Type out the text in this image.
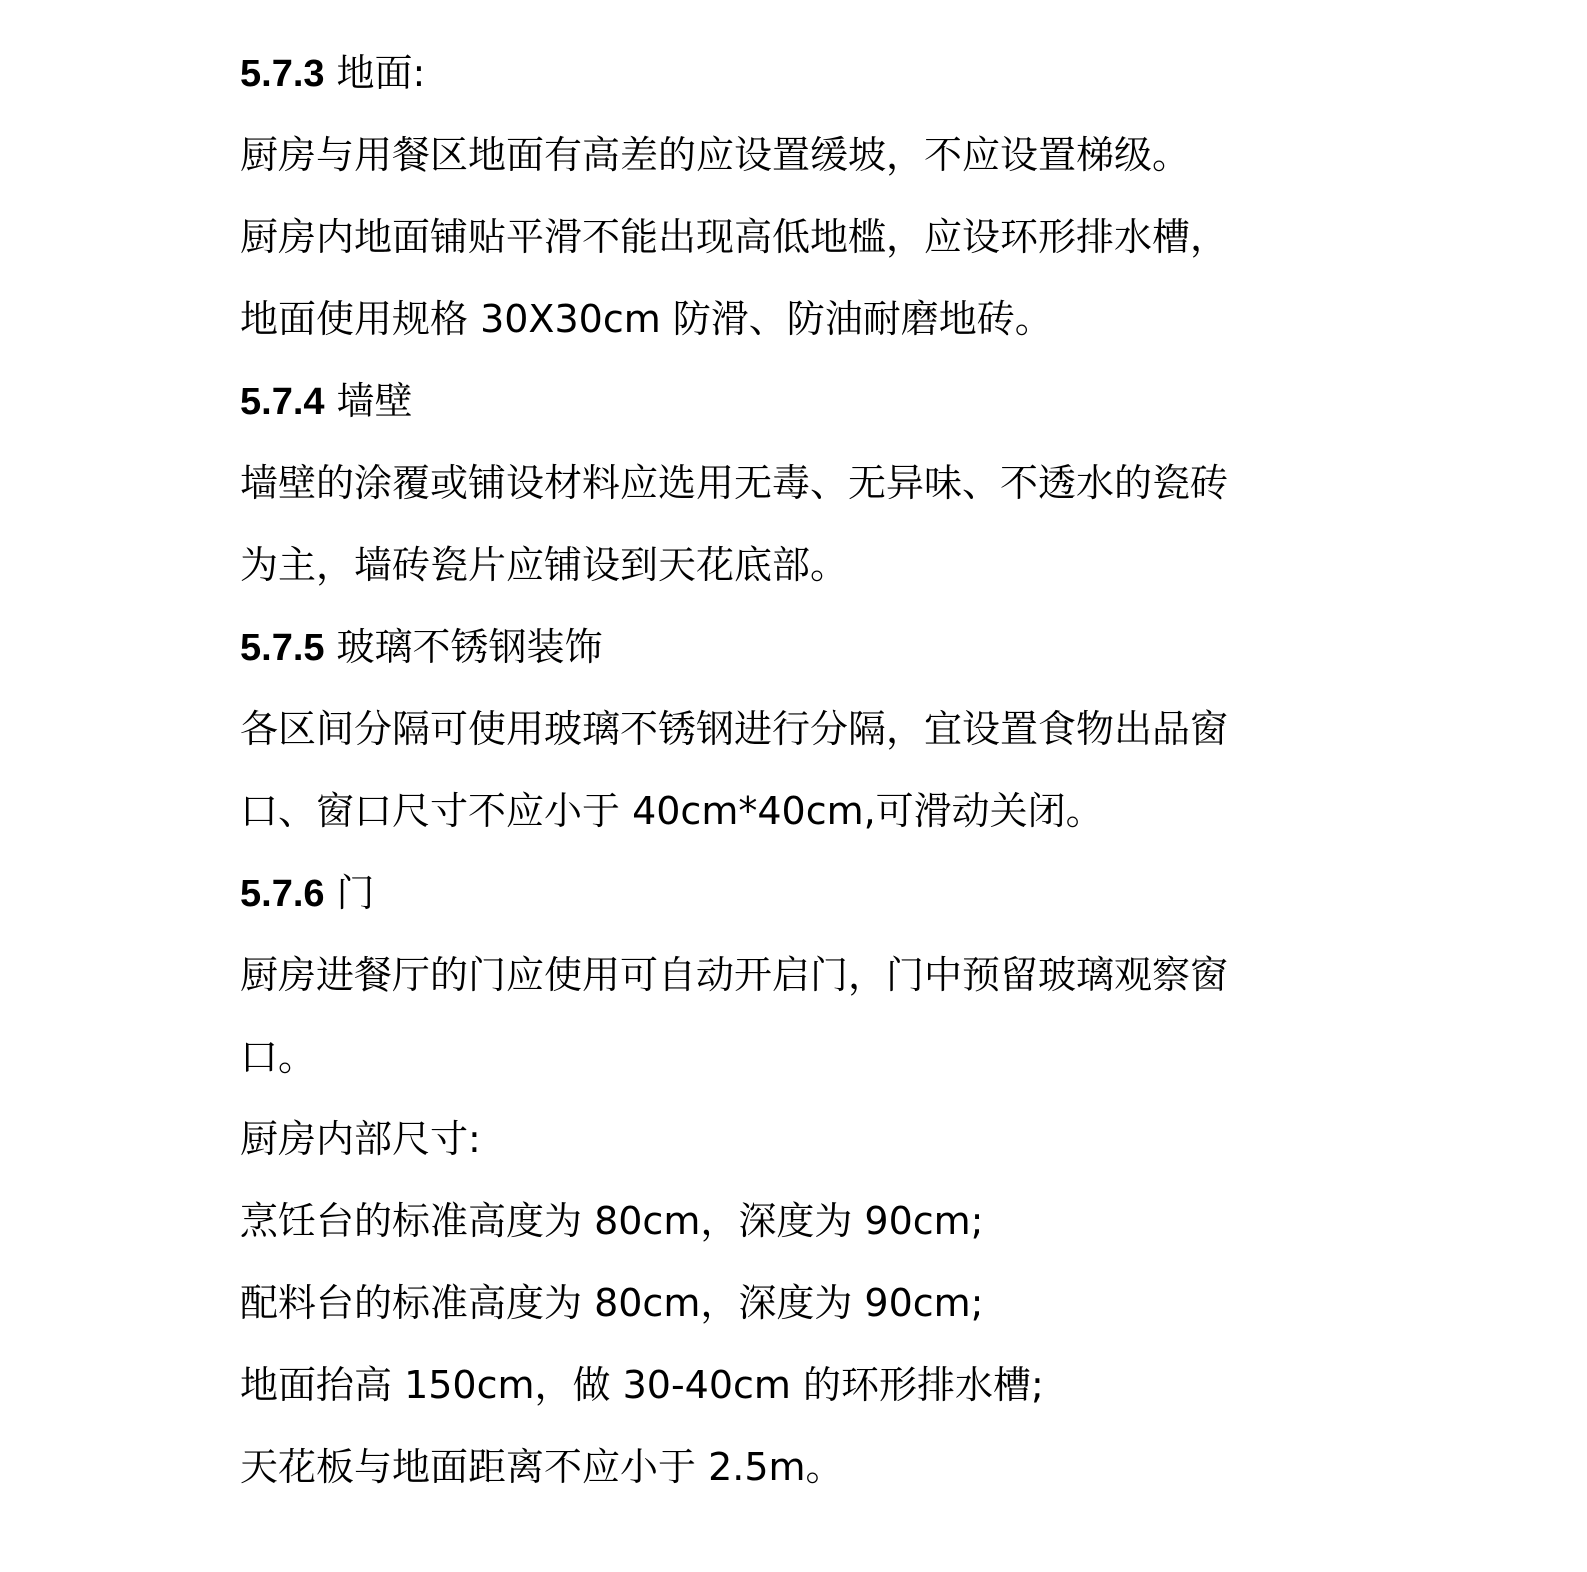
5.7.3 地面:
厨房与用餐区地面有高差的应设置缓坡，不应设置梯级。
厨房内地面铺贴平滑不能出现高低地槛，应设环形排水槽，
地面使用规格 30X30cm 防滑、防油耐磨地砖。
5.7.4 墙壁
墙壁的涂覆或铺设材料应选用无毒、无异味、不透水的瓷砖
为主，墙砖瓷片应铺设到天花底部。
5.7.5 玻璃不锈钢装饰
各区间分隔可使用玻璃不锈钢进行分隔，宜设置食物出品窗
口、窗口尺寸不应小于 40cm*40cm,可滑动关闭。
5.7.6 门
厨房进餐厅的门应使用可自动开启门，门中预留玻璃观察窗
口。
厨房内部尺寸:
烹饪台的标准高度为 80cm，深度为 90cm;
配料台的标准高度为 80cm，深度为 90cm;
地面抬高 150cm，做 30-40cm 的环形排水槽;
天花板与地面距离不应小于 2.5m。
